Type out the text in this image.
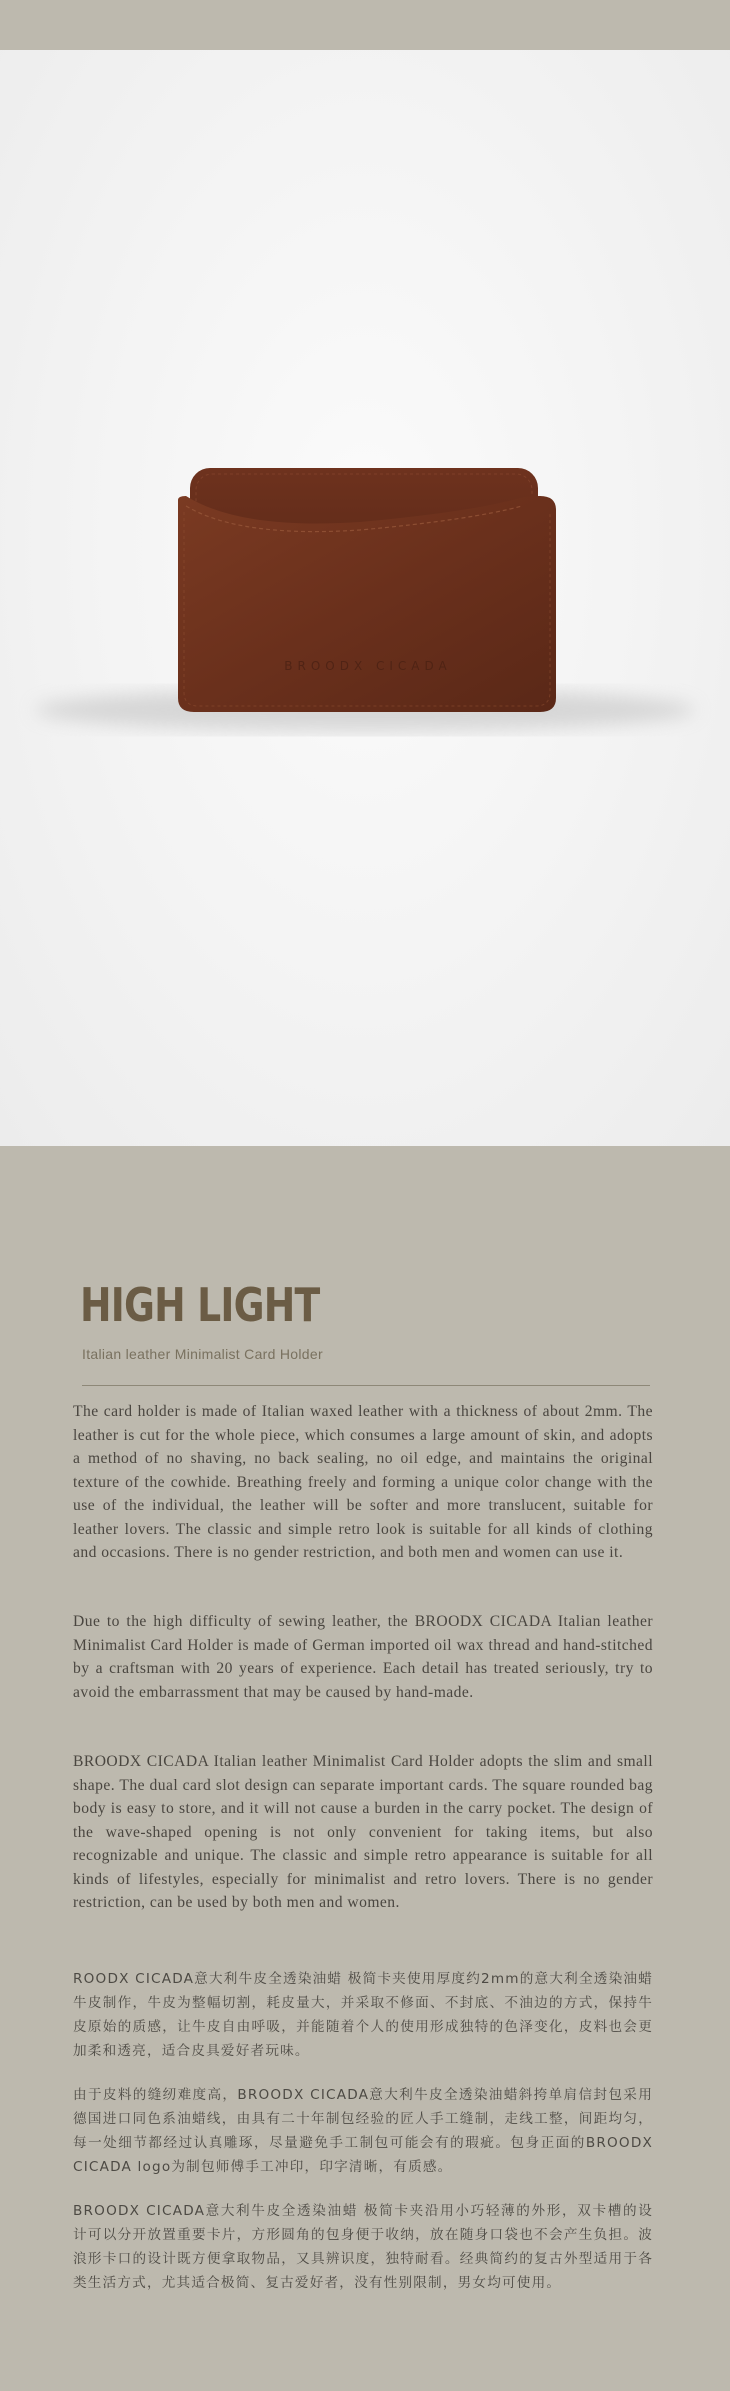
BROODX CICADA
HIGH LIGHT

Italian leather Minimalist Card Holder

The card holder is made of Italian waxed leather with a thickness of about 2mm. The leather is cut for the whole piece, which consumes a large amount of skin, and adopts a method of no shaving, no back sealing, no oil edge, and maintains the original texture of the cowhide. Breathing freely and forming a unique color change with the use of the individual, the leather will be softer and more translucent, suitable for leather lovers. The classic and simple retro look is suitable for all kinds of clothing and occasions. There is no gender restriction, and both men and women can use it.

Due to the high difficulty of sewing leather, the BROODX CICADA Italian leather Minimalist Card Holder is made of German imported oil wax thread and hand-stitched by a craftsman with 20 years of experience. Each detail has treated seriously, try to avoid the embarrassment that may be caused by hand-made.

BROODX CICADA Italian leather Minimalist Card Holder adopts the slim and small shape. The dual card slot design can separate important cards. The square rounded bag body is easy to store, and it will not cause a burden in the carry pocket. The design of the wave-shaped opening is not only convenient for taking items, but also recognizable and unique. The classic and simple retro appearance is suitable for all kinds of lifestyles, especially for minimalist and retro lovers. There is no gender restriction, can be used by both men and women.

ROODX CICADA意大利牛皮全透染油蜡 极简卡夹使用厚度约2mm的意大利全透染油蜡牛皮制作，牛皮为整幅切割，耗皮量大，并采取不修面、不封底、不油边的方式，保持牛皮原始的质感，让牛皮自由呼吸，并能随着个人的使用形成独特的色泽变化，皮料也会更加柔和透亮，适合皮具爱好者玩味。

由于皮料的缝纫难度高，BROODX CICADA意大利牛皮全透染油蜡斜挎单肩信封包采用德国进口同色系油蜡线，由具有二十年制包经验的匠人手工缝制，走线工整，间距均匀，每一处细节都经过认真雕琢，尽量避免手工制包可能会有的瑕疵。包身正面的BROODX CICADA logo为制包师傅手工冲印，印字清晰，有质感。

BROODX CICADA意大利牛皮全透染油蜡 极简卡夹沿用小巧轻薄的外形，双卡槽的设计可以分开放置重要卡片，方形圆角的包身便于收纳，放在随身口袋也不会产生负担。波浪形卡口的设计既方便拿取物品，又具辨识度，独特耐看。经典简约的复古外型适用于各类生活方式，尤其适合极简、复古爱好者，没有性别限制，男女均可使用。
